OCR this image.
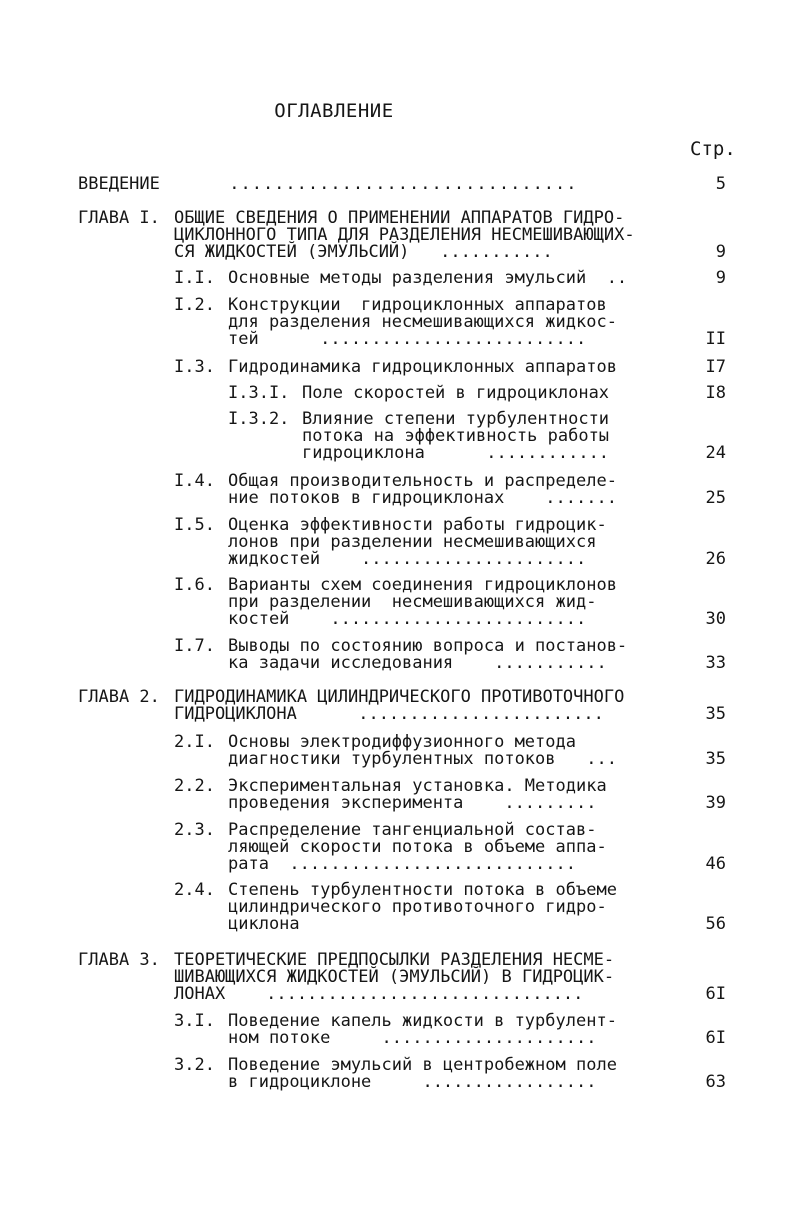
ОГЛАВЛЕНИЕ
Стр.
ВВЕДЕНИЕ	...............................	5
ГЛАВА I. ОБЩИЕ СВЕДЕНИЯ О ПРИМЕНЕНИИ АППАРАТОВ ГИДРО-
ЦИКЛОННОГО ТИПА ДЛЯ РАЗДЕЛЕНИЯ НЕСМЕШИВАЮЩИХ-
СЯ ЖИДКОСТЕЙ (ЭМУЛЬСИЙ)   ...........	9
I.I. Основные методы разделения эмульсий  ..	9
I.2. Конструкции  гидроциклонных аппаратов
для разделения несмешивающихся жидкос-
тей      ..........................	II
I.3. Гидродинамика гидроциклонных аппаратов	I7
I.3.I. Поле скоростей в гидроциклонах	I8
I.3.2. Влияние степени турбулентности
потока на эффективность работы
гидроциклона      ............	24
I.4. Общая производительность и распределе-
ние потоков в гидроциклонах    .......	25
I.5. Оценка эффективности работы гидроцик-
лонов при разделении несмешивающихся
жидкостей    ......................	26
I.6. Варианты схем соединения гидроциклонов
при разделении  несмешивающихся жид-
костей    .........................	30
I.7. Выводы по состоянию вопроса и постанов-
ка задачи исследования    ...........	33
ГЛАВА 2. ГИДРОДИНАМИКА ЦИЛИНДРИЧЕСКОГО ПРОТИВОТОЧНОГО
ГИДРОЦИКЛОНА      ........................	35
2.I. Основы электродиффузионного метода
диагностики турбулентных потоков   ...	35
2.2. Экспериментальная установка. Методика
проведения эксперимента    .........	39
2.3. Распределение тангенциальной состав-
ляющей скорости потока в объеме аппа-
рата  ............................	46
2.4. Степень турбулентности потока в объеме
цилиндрического противоточного гидро-
циклона	56
ГЛАВА 3. ТЕОРЕТИЧЕСКИЕ ПРЕДПОСЫЛКИ РАЗДЕЛЕНИЯ НЕСМЕ-
ШИВАЮЩИХСЯ ЖИДКОСТЕЙ (ЭМУЛЬСИЙ) В ГИДРОЦИК-
ЛОНАХ    ...............................	6I
3.I. Поведение капель жидкости в турбулент-
ном потоке     .....................	6I
3.2. Поведение эмульсий в центробежном поле
в гидроциклоне     .................	63
